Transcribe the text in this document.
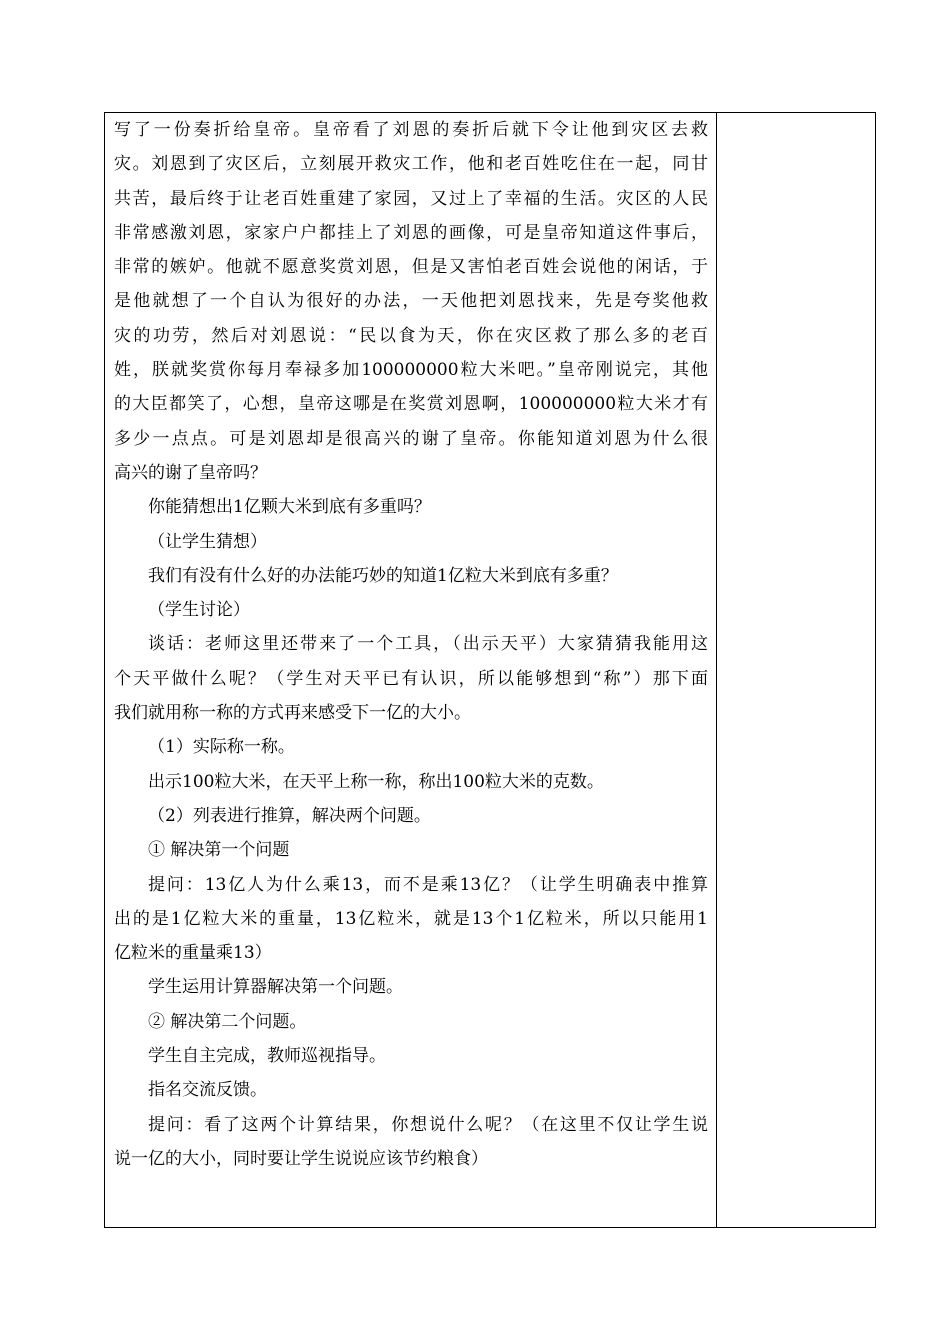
写了一份奏折给皇帝。皇帝看了刘恩的奏折后就下令让他到灾区去救
灾。刘恩到了灾区后，立刻展开救灾工作，他和老百姓吃住在一起，同甘
共苦，最后终于让老百姓重建了家园，又过上了幸福的生活。灾区的人民
非常感激刘恩，家家户户都挂上了刘恩的画像，可是皇帝知道这件事后，
非常的嫉妒。他就不愿意奖赏刘恩，但是又害怕老百姓会说他的闲话，于
是他就想了一个自认为很好的办法，一天他把刘恩找来，先是夸奖他救
灾的功劳，然后对刘恩说：“民以食为天，你在灾区救了那么多的老百
姓，朕就奖赏你每月奉禄多加100000000粒大米吧。”皇帝刚说完，其他
的大臣都笑了，心想，皇帝这哪是在奖赏刘恩啊，100000000粒大米才有
多少一点点。可是刘恩却是很高兴的谢了皇帝。你能知道刘恩为什么很
高兴的谢了皇帝吗？
你能猜想出1亿颗大米到底有多重吗？
（让学生猜想）
我们有没有什么好的办法能巧妙的知道1亿粒大米到底有多重？
（学生讨论）
谈话：老师这里还带来了一个工具，（出示天平）大家猜猜我能用这
个天平做什么呢？（学生对天平已有认识，所以能够想到“称”）那下面
我们就用称一称的方式再来感受下一亿的大小。
（1）实际称一称。
出示100粒大米，在天平上称一称，称出100粒大米的克数。
（2）列表进行推算，解决两个问题。
① 解决第一个问题
提问：13亿人为什么乘13，而不是乘13亿？（让学生明确表中推算
出的是1亿粒大米的重量，13亿粒米，就是13个1亿粒米，所以只能用1
亿粒米的重量乘13）
学生运用计算器解决第一个问题。
② 解决第二个问题。
学生自主完成，教师巡视指导。
指名交流反馈。
提问：看了这两个计算结果，你想说什么呢？（在这里不仅让学生说
说一亿的大小，同时要让学生说说应该节约粮食）
